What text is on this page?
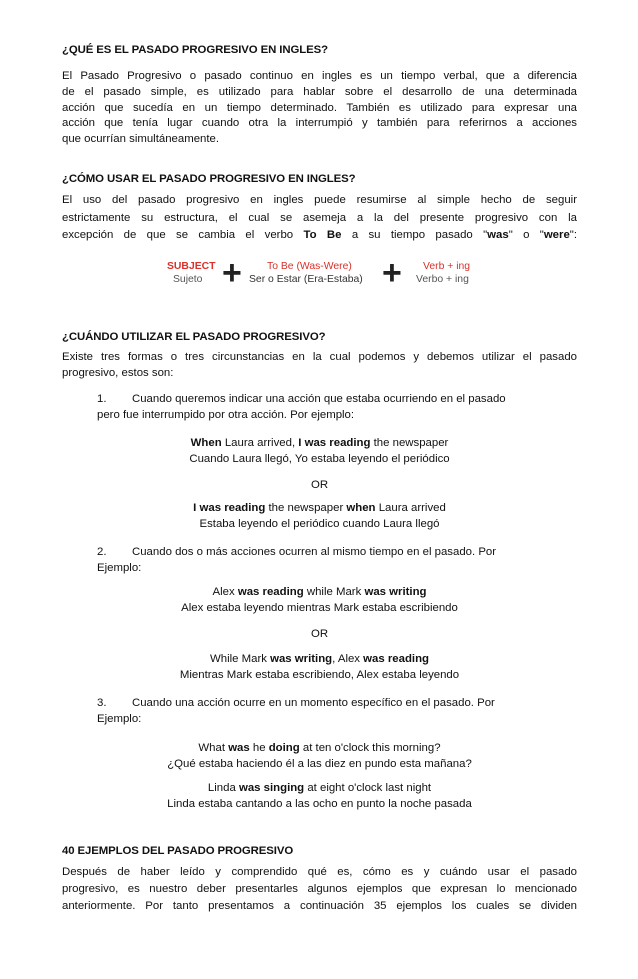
¿QUÉ ES EL PASADO PROGRESIVO EN INGLES?
El Pasado Progresivo o pasado continuo en ingles es un tiempo verbal, que a diferencia
de el pasado simple, es utilizado para hablar sobre el desarrollo de una determinada
acción que sucedía en un tiempo determinado. También es utilizado para expresar una
acción que tenía lugar cuando otra la interrumpió y también para referirnos a acciones
que ocurrían simultáneamente.
¿CÓMO USAR EL PASADO PROGRESIVO EN INGLES?
El uso del pasado progresivo en ingles puede resumirse al simple hecho de seguir
estrictamente su estructura, el cual se asemeja a la del presente progresivo con la
excepción de que se cambia el verbo To Be a su tiempo pasado "was" o "were":
SUBJECT
Sujeto + To Be (Was-Were)
Ser o Estar (Era-Estaba) + Verb + ing
Verbo + ing
¿CUÁNDO UTILIZAR EL PASADO PROGRESIVO?
Existe tres formas o tres circunstancias en la cual podemos y debemos utilizar el pasado
progresivo, estos son:
1. Cuando queremos indicar una acción que estaba ocurriendo en el pasado
pero fue interrumpido por otra acción. Por ejemplo:
When Laura arrived, I was reading the newspaper
Cuando Laura llegó, Yo estaba leyendo el periódico
OR
I was reading the newspaper when Laura arrived
Estaba leyendo el periódico cuando Laura llegó
2. Cuando dos o más acciones ocurren al mismo tiempo en el pasado. Por
Ejemplo:
Alex was reading while Mark was writing
Alex estaba leyendo mientras Mark estaba escribiendo
OR
While Mark was writing, Alex was reading
Mientras Mark estaba escribiendo, Alex estaba leyendo
3. Cuando una acción ocurre en un momento específico en el pasado. Por
Ejemplo:
What was he doing at ten o'clock this morning?
¿Qué estaba haciendo él a las diez en pundo esta mañana?
Linda was singing at eight o'clock last night
Linda estaba cantando a las ocho en punto la noche pasada
40 EJEMPLOS DEL PASADO PROGRESIVO
Después de haber leído y comprendido qué es, cómo es y cuándo usar el pasado
progresivo, es nuestro deber presentarles algunos ejemplos que expresan lo mencionado
anteriormente. Por tanto presentamos a continuación 35 ejemplos los cuales se dividen
